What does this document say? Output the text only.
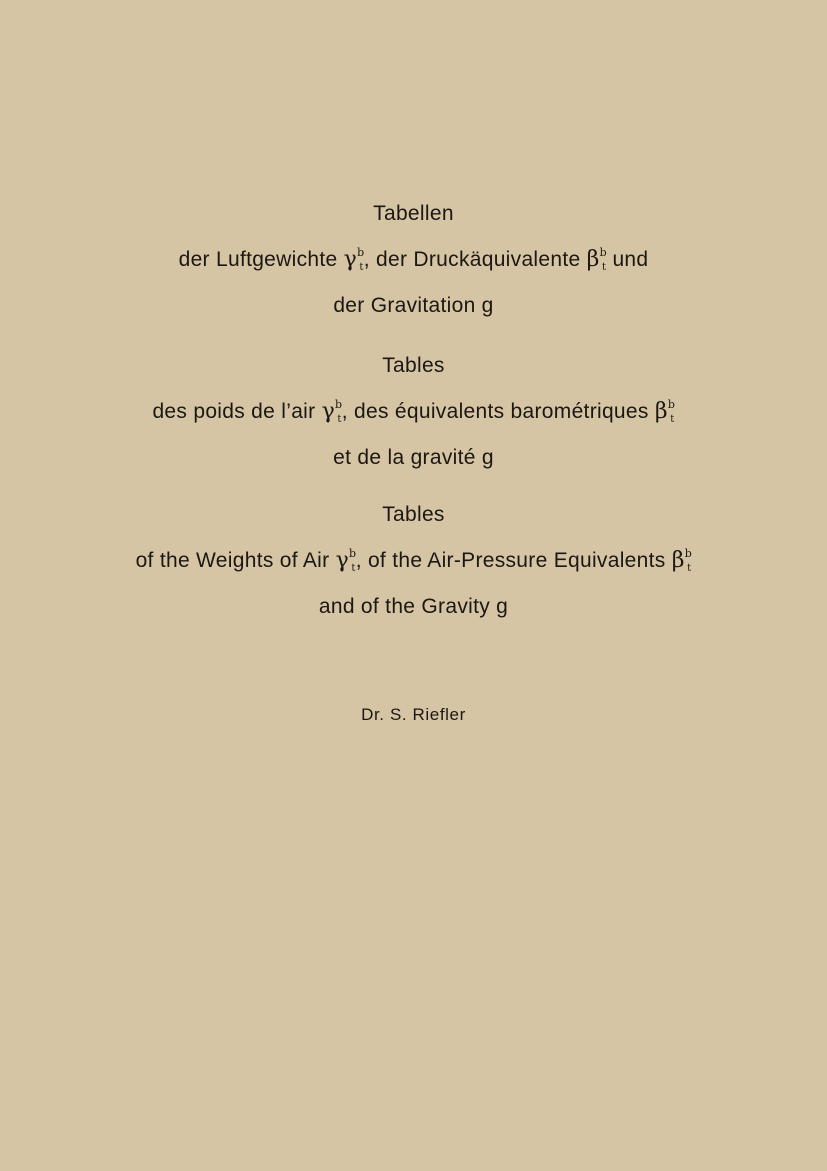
Tabellen
der Luftgewichte $\gamma^b_t$, der Druckäquivalente $\beta^b_t$ und
der Gravitation g
Tables
des poids de l’air $\gamma^b_t$, des équivalents barométriques $\beta^b_t$
et de la gravité g
Tables
of the Weights of Air $\gamma^b_t$, of the Air-Pressure Equivalents $\beta^b_t$
and of the Gravity g
Dr. S. Riefler
